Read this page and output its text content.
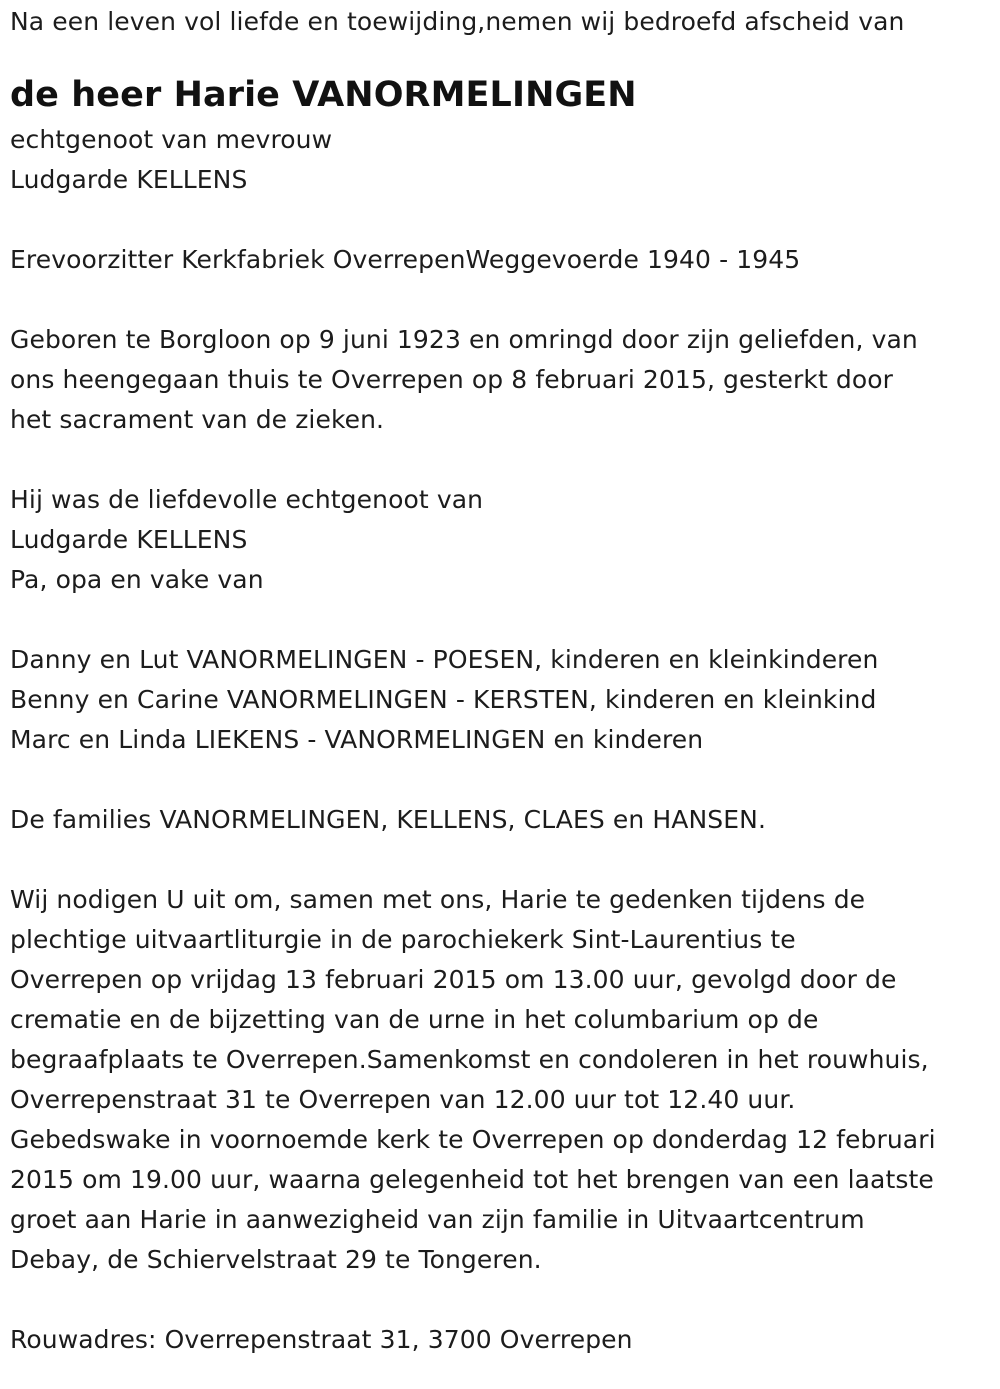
Na een leven vol liefde en toewijding,nemen wij bedroefd afscheid van
de heer Harie VANORMELINGEN
echtgenoot van mevrouw
Ludgarde KELLENS
Erevoorzitter Kerkfabriek OverrepenWeggevoerde 1940 - 1945
Geboren te Borgloon op 9 juni 1923 en omringd door zijn geliefden, van
ons heengegaan thuis te Overrepen op 8 februari 2015, gesterkt door
het sacrament van de zieken.
Hij was de liefdevolle echtgenoot van
Ludgarde KELLENS
Pa, opa en vake van
Danny en Lut VANORMELINGEN - POESEN, kinderen en kleinkinderen
Benny en Carine VANORMELINGEN - KERSTEN, kinderen en kleinkind
Marc en Linda LIEKENS - VANORMELINGEN en kinderen
De families VANORMELINGEN, KELLENS, CLAES en HANSEN.
Wij nodigen U uit om, samen met ons, Harie te gedenken tijdens de
plechtige uitvaartliturgie in de parochiekerk Sint-Laurentius te
Overrepen op vrijdag 13 februari 2015 om 13.00 uur, gevolgd door de
crematie en de bijzetting van de urne in het columbarium op de
begraafplaats te Overrepen.Samenkomst en condoleren in het rouwhuis,
Overrepenstraat 31 te Overrepen van 12.00 uur tot 12.40 uur.
Gebedswake in voornoemde kerk te Overrepen op donderdag 12 februari
2015 om 19.00 uur, waarna gelegenheid tot het brengen van een laatste
groet aan Harie in aanwezigheid van zijn familie in Uitvaartcentrum
Debay, de Schiervelstraat 29 te Tongeren.
Rouwadres: Overrepenstraat 31, 3700 Overrepen
